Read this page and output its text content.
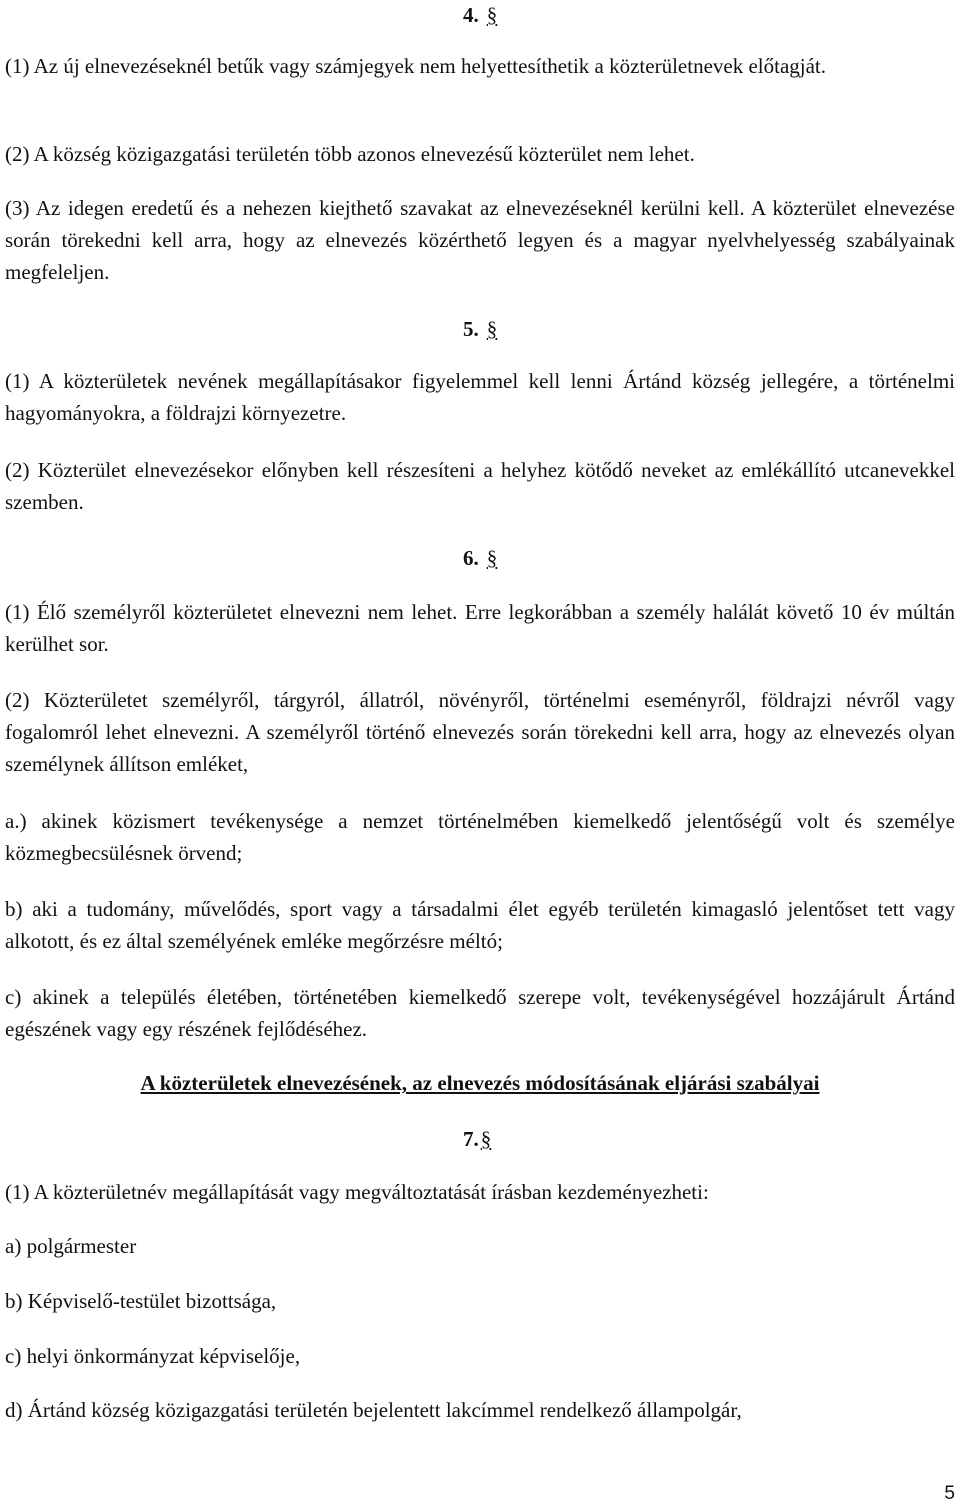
4. §
(1) Az új elnevezéseknél betűk vagy számjegyek nem helyettesíthetik a közterületnevek előtagját.
(2) A község közigazgatási területén több azonos elnevezésű közterület nem lehet.
(3) Az idegen eredetű és a nehezen kiejthető szavakat az elnevezéseknél kerülni kell. A közterület elnevezése során törekedni kell arra, hogy az elnevezés közérthető legyen és a magyar nyelvhelyesség szabályainak megfeleljen.
5. §
(1) A közterületek nevének megállapításakor figyelemmel kell lenni Ártánd község jellegére, a történelmi hagyományokra, a földrajzi környezetre.
(2) Közterület elnevezésekor előnyben kell részesíteni a helyhez kötődő neveket az emlékállító utcanevekkel szemben.
6. §
(1) Élő személyről közterületet elnevezni nem lehet. Erre legkorábban a személy halálát követő 10 év múltán kerülhet sor.
(2) Közterületet személyről, tárgyról, állatról, növényről, történelmi eseményről, földrajzi névről vagy fogalomról lehet elnevezni. A személyről történő elnevezés során törekedni kell arra, hogy az elnevezés olyan személynek állítson emléket,
a.) akinek közismert tevékenysége a nemzet történelmében kiemelkedő jelentőségű volt és személye közmegbecsülésnek örvend;
b) aki a tudomány, művelődés, sport vagy a társadalmi élet egyéb területén kimagasló jelentőset tett vagy alkotott, és ez által személyének emléke megőrzésre méltó;
c) akinek a település életében, történetében kiemelkedő szerepe volt, tevékenységével hozzájárult Ártánd egészének vagy egy részének fejlődéséhez.
A közterületek elnevezésének, az elnevezés módosításának eljárási szabályai
7.§
(1) A közterületnév megállapítását vagy megváltoztatását írásban kezdeményezheti:
a) polgármester
b) Képviselő-testület bizottsága,
c) helyi önkormányzat képviselője,
d) Ártánd község közigazgatási területén bejelentett lakcímmel rendelkező állampolgár,
5
